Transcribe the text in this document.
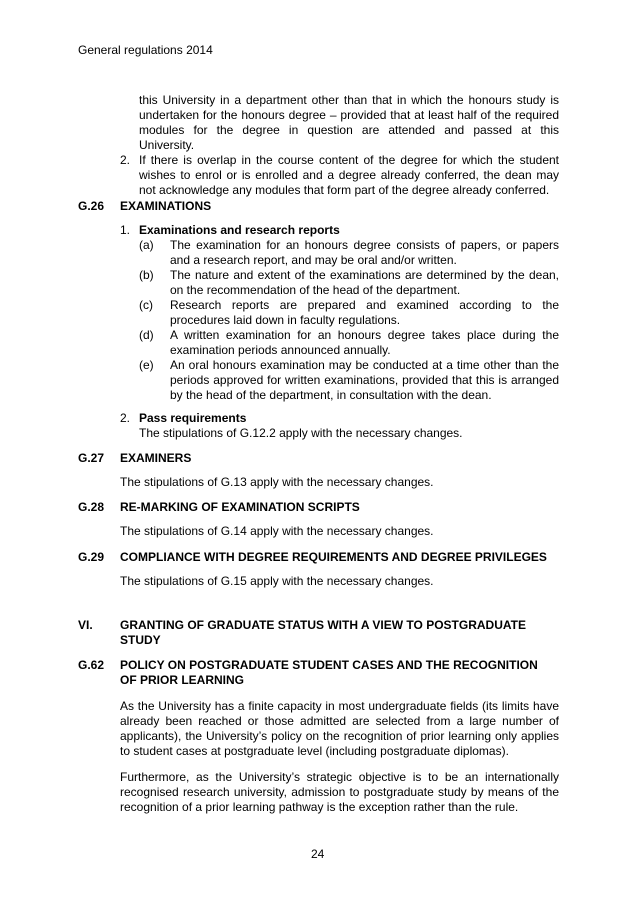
General regulations 2014
this University in a department other than that in which the honours study is
undertaken for the honours degree – provided that at least half of the required
modules for the degree in question are attended and passed at this
University.
2. If there is overlap in the course content of the degree for which the student
wishes to enrol or is enrolled and a degree already conferred, the dean may
not acknowledge any modules that form part of the degree already conferred.
G.26 EXAMINATIONS
1. Examinations and research reports
(a) The examination for an honours degree consists of papers, or papers
and a research report, and may be oral and/or written.
(b) The nature and extent of the examinations are determined by the dean,
on the recommendation of the head of the department.
(c) Research reports are prepared and examined according to the
procedures laid down in faculty regulations.
(d) A written examination for an honours degree takes place during the
examination periods announced annually.
(e) An oral honours examination may be conducted at a time other than the
periods approved for written examinations, provided that this is arranged
by the head of the department, in consultation with the dean.
2. Pass requirements
The stipulations of G.12.2 apply with the necessary changes.
G.27 EXAMINERS
The stipulations of G.13 apply with the necessary changes.
G.28 RE-MARKING OF EXAMINATION SCRIPTS
The stipulations of G.14 apply with the necessary changes.
G.29 COMPLIANCE WITH DEGREE REQUIREMENTS AND DEGREE PRIVILEGES
The stipulations of G.15 apply with the necessary changes.
VI. GRANTING OF GRADUATE STATUS WITH A VIEW TO POSTGRADUATE
STUDY
G.62 POLICY ON POSTGRADUATE STUDENT CASES AND THE RECOGNITION
OF PRIOR LEARNING
As the University has a finite capacity in most undergraduate fields (its limits have
already been reached or those admitted are selected from a large number of
applicants), the University’s policy on the recognition of prior learning only applies
to student cases at postgraduate level (including postgraduate diplomas).
Furthermore, as the University’s strategic objective is to be an internationally
recognised research university, admission to postgraduate study by means of the
recognition of a prior learning pathway is the exception rather than the rule.
24
